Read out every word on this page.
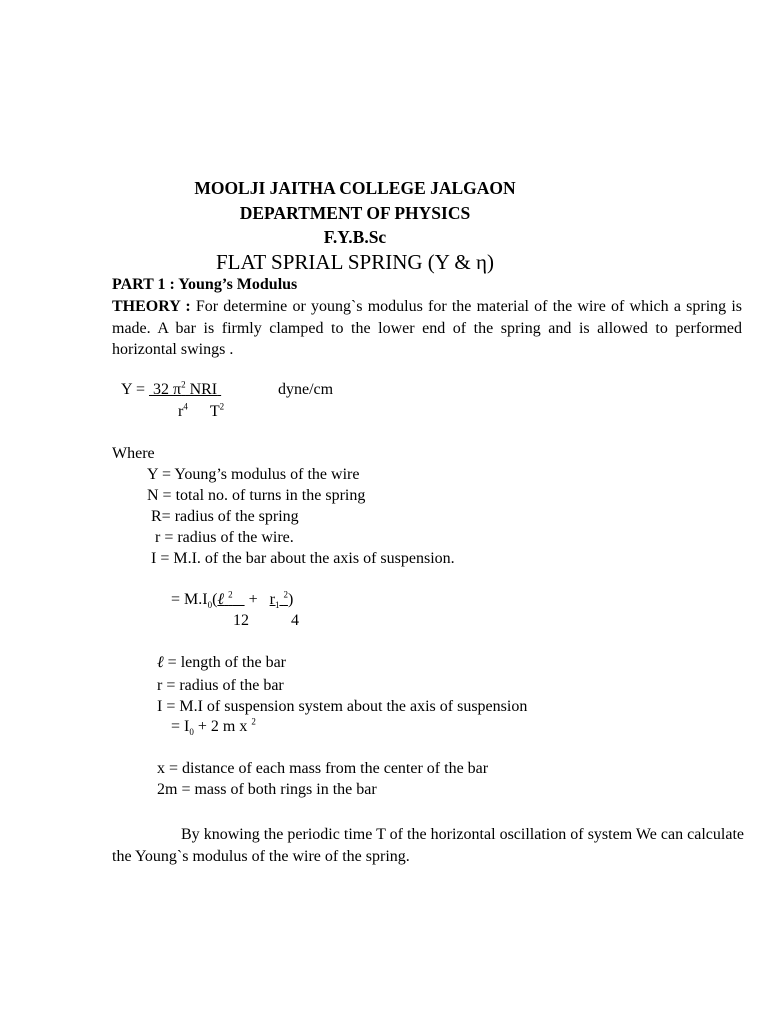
MOOLJI JAITHA COLLEGE JALGAON
DEPARTMENT OF PHYSICS
F.Y.B.Sc
FLAT SPRIAL SPRING (Y & η)
PART 1 : Young’s Modulus
THEORY : For determine or young`s modulus for the material of the wire of which a spring is made. A bar is firmly clamped to the lower end of the spring and is allowed to performed horizontal swings .
Y =  32 $\pi^2$ NRI	dyne/cm
$r^4$ $T^2$
Where
Y = Young’s modulus of the wire
N = total no. of turns in the spring
R= radius of the spring
r = radius of the wire.
I = M.I. of the bar about the axis of suspension.
= $M.I_0(\ell$ $^2 + r_1$ $^2$)
12	4
ℓ = length of the bar
r = radius of the bar
I = M.I of suspension system about the axis of suspension
= $I_0 + 2$ m x $^2$
x = distance of each mass from the center of the bar
2m = mass of both rings in the bar
By knowing the periodic time T of the horizontal oscillation of system We can calculate the Young`s modulus of the wire of the spring.
